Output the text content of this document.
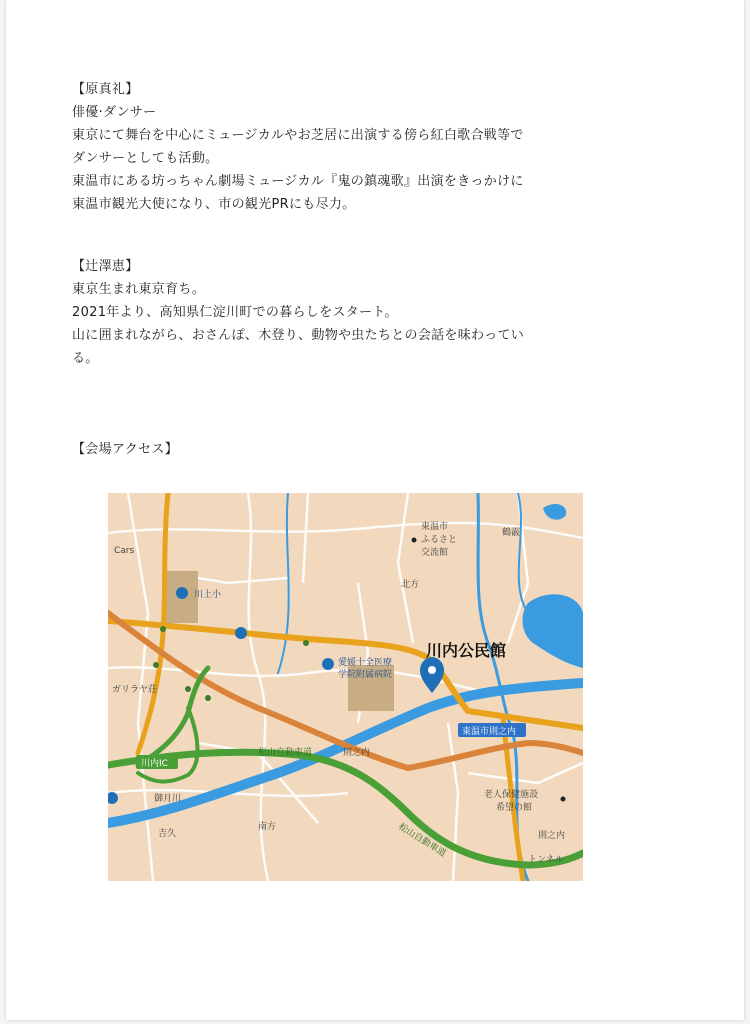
【原真礼】
俳優·ダンサー
東京にて舞台を中心にミュージカルやお芝居に出演する傍ら紅白歌合戦等で
ダンサーとしても活動。
東温市にある坊っちゃん劇場ミュージカル『鬼の鎮魂歌』出演をきっかけに
東温市観光大使になり、市の観光PRにも尽力。
【辻澤恵】
東京生まれ東京育ち。
2021年より、高知県仁淀川町での暮らしをスタート。
山に囲まれながら、おさんぽ、木登り、動物や虫たちとの会話を味わってい
る。
【会場アクセス】
東温市
ふるさと
交流館
北方
Cars
川上小
愛媛十全医療
学院附属病院
ガリラヤ荘
則之内
老人保健施設
希望の館
則之内
トンネル
御月川
吉久
南方
鶴霰
松山自動車道
松山自動車道
川内IC
東温市則之内
川内公民館
